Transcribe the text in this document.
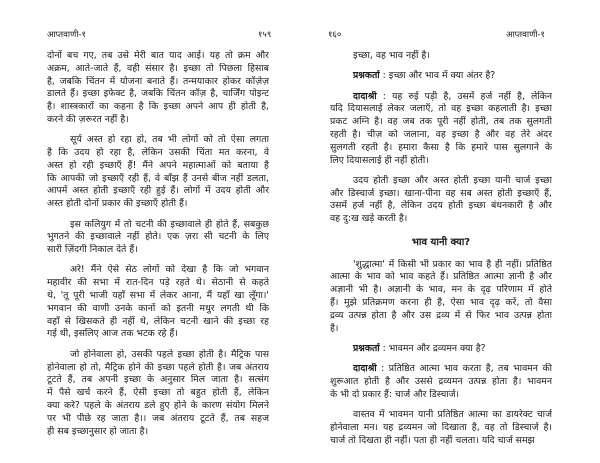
आप्तवाणी-१	१५९
दोनों बच गए, तब उसे मेरी बात याद आई। यह तो क्रम और
अक्रम, आते-जाते हैं, वही संसार है। इच्छा तो पिछला हिसाब
है, जबकि चिंतन में योजना बनाते हैं। तन्मयाकार होकर कॉज़ेज़
डालते हैं। इच्छा इफेक्ट है, जबकि चिंतन कॉज़ है, चार्जिंग पोइन्ट
है। शास्त्रकारों का कहना है कि इच्छा अपने आप ही होती है,
करने की ज़रूरत नहीं है।
सूर्य अस्त हो रहा हो, तब भी लोगों को तो ऐसा लगता
है कि उदय हो रहा है, लेकिन उसकी चिंता मत करना, वे
अस्त हो रही इच्छाएँ हैं! मैंने अपने महात्माओं को बताया है
कि आपकी जो इच्छाएँ रही हैं, वे बाँझ हैं उनसे बीज नहीं डलता,
आपमें अस्त होती इच्छाएँ रही हुई हैं। लोगों में उदय होती और
अस्त होती दोनों प्रकार की इच्छाएँ होती हैं।
इस कलियुग में तो चटनी की इच्छावाले ही होते हैं, सबकुछ
भुगतने की इच्छावाले नहीं होते। एक ज़रा सी चटनी के लिए
सारी ज़िंदगी निकाल देते हैं।
अरे! मैंने ऐसे सेठ लोगों को देखा है कि जो भगवान
महावीर की सभा में रात-दिन पड़े रहते थे। सेठानी से कहते
थे, 'तू पूरी भाजी यहाँ सभा में लेकर आना, मैं यहाँ खा लूँगा।'
भगवान की वाणी उनके कानों को इतनी मधुर लगती थी कि
वहाँ से खिसकते ही नहीं थे, लेकिन चटनी खाने की इच्छा रह
गई थी, इसलिए आज तक भटक रहे हैं।
जो होनेवाला हो, उसकी पहले इच्छा होती है। मैट्रिक पास
होनेवाला हो तो, मैट्रिक होने की इच्छा पहले होती है। जब अंतराय
टूटते हैं, तब अपनी इच्छा के अनुसार मिल जाता है। सत्संग
में पैसे खर्च करने हैं, ऐसी इच्छा तो बहुत होती हैं, लेकिन
क्या करे? पहले के अंतराय डले हुए होने के कारण संयोग मिलने
पर भी पीछे रह जाता है।। जब अंतराय टूटते हैं, तब सहज
ही सब इच्छानुसार हो जाता है।
१६०	आप्तवाणी-१
इच्छा, वह भाव नहीं है।
प्रश्नकर्ता : इच्छा और भाव में क्या अंतर है?
दादाश्री : यह रुई पड़ी है, उसमें हर्ज नहीं है, लेकिन
यदि दियासलाई लेकर जलाएँ, तो वह इच्छा कहलाती है। इच्छा
प्रकट अग्नि है। वह जब तक पूरी नहीं होती, तब तक सुलगती
रहती है। चीज़ को जलाना, वह इच्छा है और वह तेरे अंदर
सुलगती रहती है। हमारा कैसा है कि हमारे पास सुलगाने के
लिए दियासलाई ही नहीं होती।
उदय होती इच्छा और अस्त होती इच्छा यानी चार्ज इच्छा
और डिस्चार्ज इच्छा। खाना-पीना वह सब अस्त होती इच्छाएँ हैं,
उसमें हर्ज नहीं है, लेकिन उदय होती इच्छा बंधनकारी है और
वह दु:ख खड़े करती है।
भाव यानी क्या?
'शुद्धात्मा' में किसी भी प्रकार का भाव है ही नहीं। प्रतिष्ठित
आत्मा के भाव को भाव कहते हैं। प्रतिष्ठित आत्मा ज्ञानी है और
अज्ञानी भी है। अज्ञानी के भाव, मन के दृढ़ परिणाम में होते
हैं। मुझे प्रतिक्रमण करना ही है, ऐसा भाव दृढ़ करें, तो वैसा
द्रव्य उत्पन्न होता है और उस द्रव्य में से फिर भाव उत्पन्न होता
है।
प्रश्नकर्ता : भावमन और द्रव्यमन क्या है?
दादाश्री : प्रतिष्ठित आत्मा भाव करता है, तब भावमन की
शुरूआत होती है और उससे द्रव्यमन उत्पन्न होता है। भावमन
के भी दो प्रकार हैं: चार्ज और डिस्चार्ज।
वास्तव में भावमन यानी प्रतिष्ठित आत्मा का डायरेक्ट चार्ज
होनेवाला मन। यह द्रव्यमन जो दिखाता है, वह तो डिस्चार्ज है।
चार्ज तो दिखता ही नहीं। पता ही नहीं चलता। यदि चार्ज समझ
